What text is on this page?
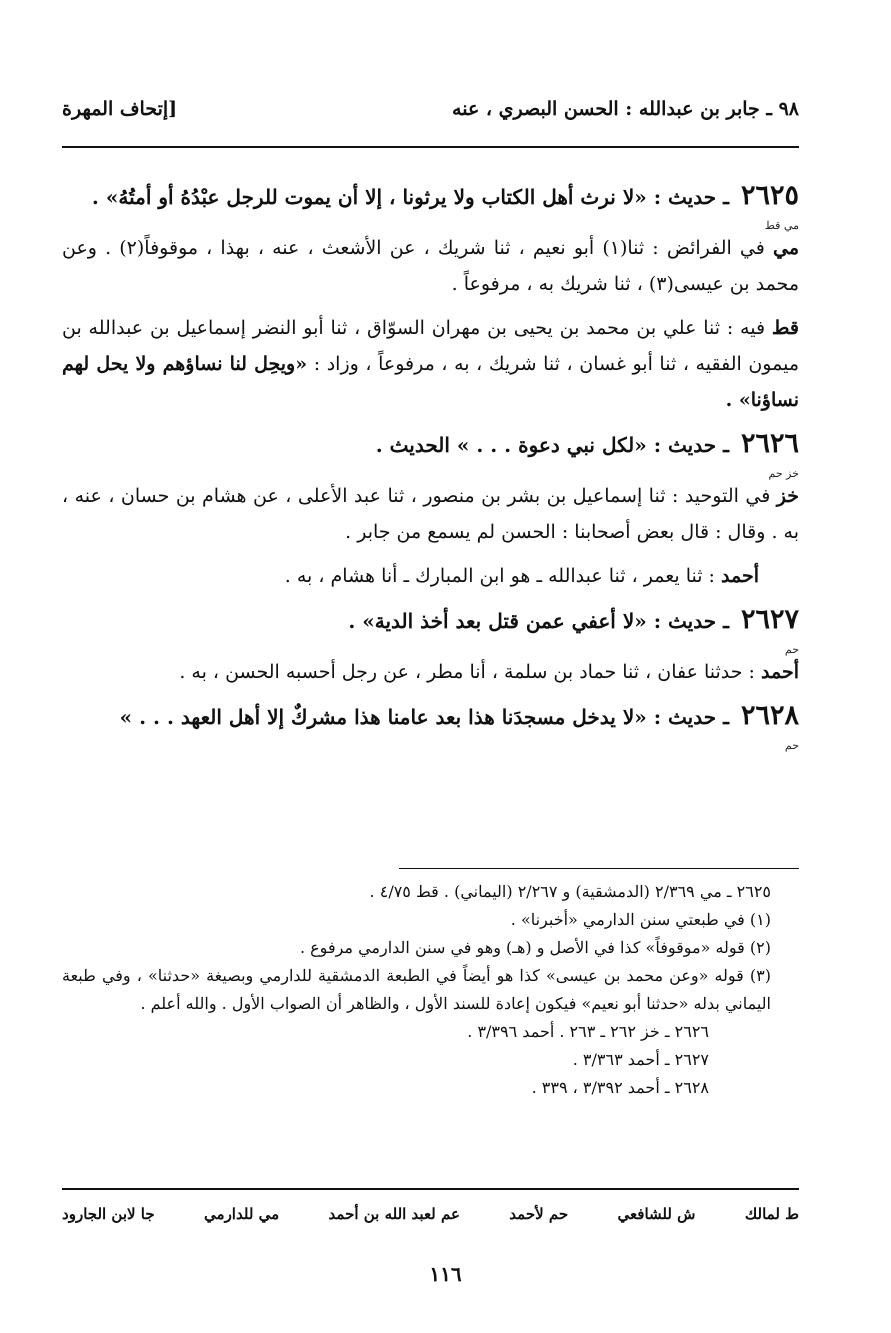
٩٨ ـ جابر بن عبدالله : الحسن البصري ، عنه
[إتحاف المهرة

٢٦٢٥ ـ حديث : «لا نرث أهل الكتاب ولا يرثونا ، إلا أن يموت للرجل عبْدُهُ أو أمتُهُ» .

مي قط

مي في الفرائض : ثنا(١) أبو نعيم ، ثنا شريك ، عن الأشعث ، عنه ، بهذا ، موقوفاً(٢) . وعن محمد بن عيسى(٣) ، ثنا شريك به ، مرفوعاً .

قط فيه : ثنا علي بن محمد بن يحيى بن مهران السوّاق ، ثنا أبو النضر إسماعيل بن عبدالله بن ميمون الفقيه ، ثنا أبو غسان ، ثنا شريك ، به ، مرفوعاً ، وزاد : «ويحِل لنا نساؤهم ولا يحل لهم نساؤنا» .

٢٦٢٦ ـ حديث : «لكل نبي دعوة . . . » الحديث .

خز حم

خز في التوحيد : ثنا إسماعيل بن بشر بن منصور ، ثنا عبد الأعلى ، عن هشام بن حسان ، عنه ، به . وقال : قال بعض أصحابنا : الحسن لم يسمع من جابر .

أحمد : ثنا يعمر ، ثنا عبدالله ـ هو ابن المبارك ـ أنا هشام ، به .

٢٦٢٧ ـ حديث : «لا أعفي عمن قتل بعد أخذ الدية» .

حم

أحمد : حدثنا عفان ، ثنا حماد بن سلمة ، أنا مطر ، عن رجل أحسبه الحسن ، به .

٢٦٢٨ ـ حديث : «لا يدخل مسجدَنا هذا بعد عامنا هذا مشركٌ إلا أهل العهد . . . »

حم

٢٦٢٥ ـ مي ٢/٣٦٩ (الدمشقية) و ٢/٢٦٧ (اليماني) . قط ٤/٧٥ .

(١) في طبعتي سنن الدارمي «أخبرنا» .

(٢) قوله «موقوفاً» كذا في الأصل و (هـ) وهو في سنن الدارمي مرفوع .

(٣) قوله «وعن محمد بن عيسى» كذا هو أيضاً في الطبعة الدمشقية للدارمي وبصيغة «حدثنا» ، وفي طبعة اليماني بدله «حدثنا أبو نعيم» فيكون إعادة للسند الأول ، والظاهر أن الصواب الأول . والله أعلم .

٢٦٢٦ ـ خز ٢٦٢ ـ ٢٦٣ . أحمد ٣/٣٩٦ .

٢٦٢٧ ـ أحمد ٣/٣٦٣ .

٢٦٢٨ ـ أحمد ٣/٣٩٢ ، ٣٣٩ .

ط لمالك
ش للشافعي
حم لأحمد
عم لعبد الله بن أحمد
مي للدارمي
جا لابن الجارود
١١٦
